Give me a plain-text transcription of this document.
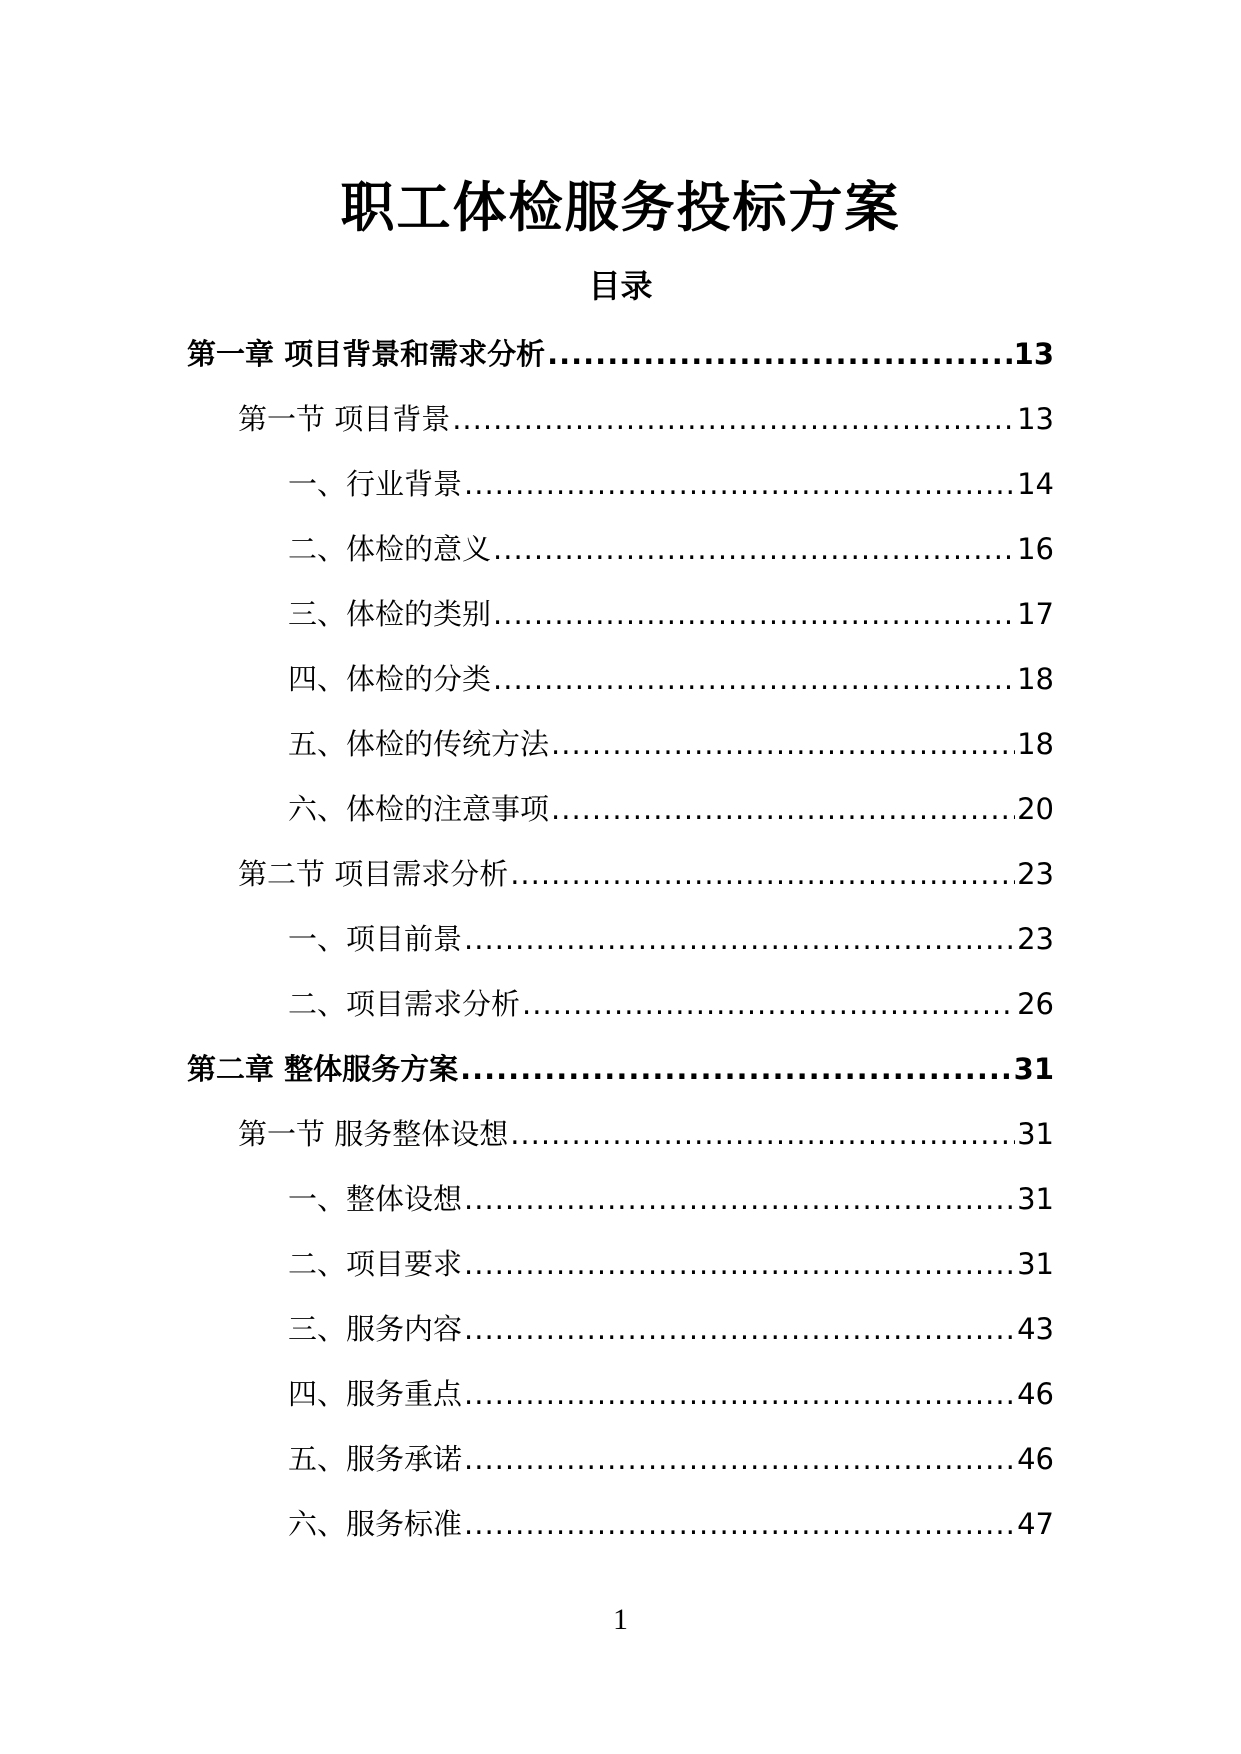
职工体检服务投标方案
目录
第一章 项目背景和需求分析 .....	13
第一节 项目背景 .....	13
一、行业背景 .....	14
二、体检的意义 .....	16
三、体检的类别 .....	17
四、体检的分类 .....	18
五、体检的传统方法 .....	18
六、体检的注意事项 .....	20
第二节 项目需求分析 .....	23
一、项目前景 .....	23
二、项目需求分析 .....	26
第二章 整体服务方案 .....	31
第一节 服务整体设想 .....	31
一、整体设想 .....	31
二、项目要求 .....	31
三、服务内容 .....	43
四、服务重点 .....	46
五、服务承诺 .....	46
六、服务标准 .....	47
1
